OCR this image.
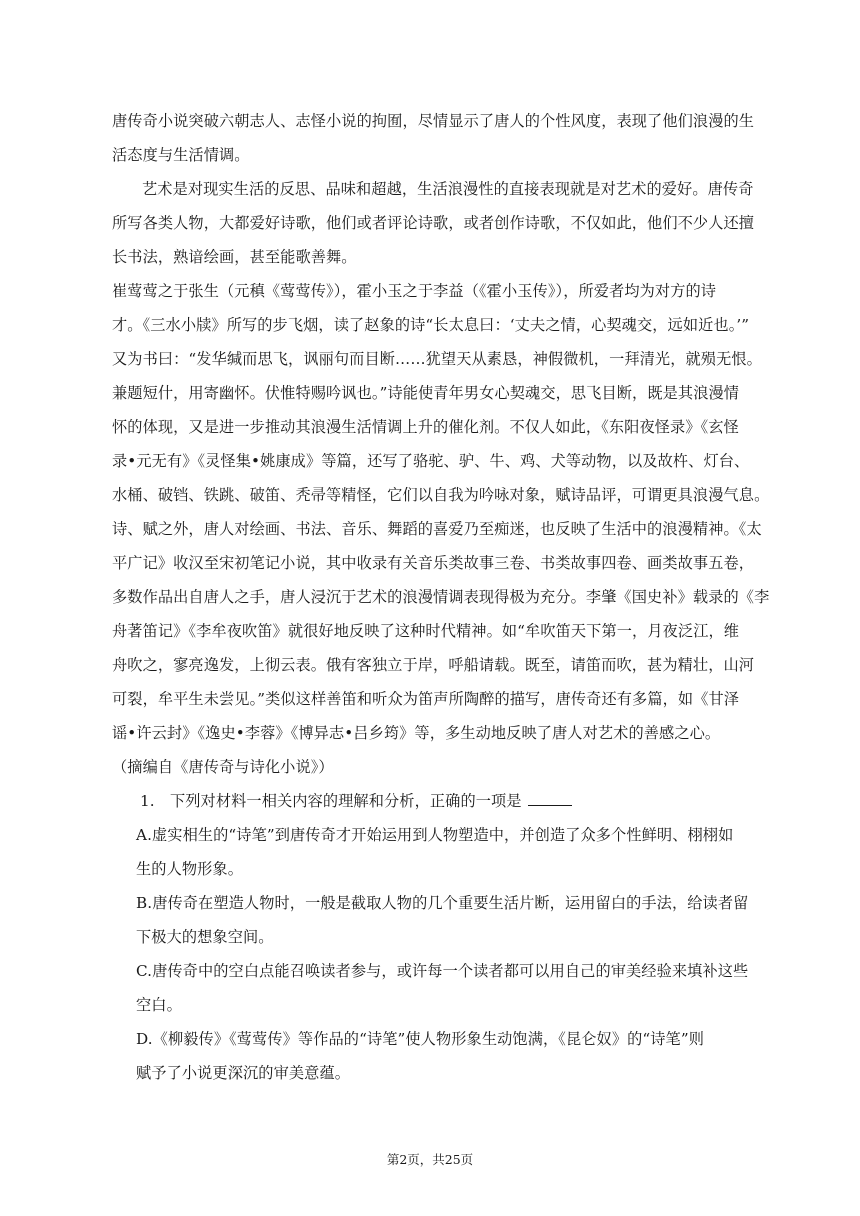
唐传奇小说突破六朝志人、志怪小说的拘囿，尽情显示了唐人的个性风度，表现了他们浪漫的生
活态度与生活情调。
艺术是对现实生活的反思、品味和超越，生活浪漫性的直接表现就是对艺术的爱好。唐传奇
所写各类人物，大都爱好诗歌，他们或者评论诗歌，或者创作诗歌，不仅如此，他们不少人还擅
长书法，熟谙绘画，甚至能歌善舞。
崔莺莺之于张生（元稹《莺莺传》），霍小玉之于李益（《霍小玉传》），所爱者均为对方的诗
才。《三水小牍》所写的步飞烟，读了赵象的诗“长太息曰：‘丈夫之情，心契魂交，远如近也。’”
又为书曰：“发华缄而思飞，讽丽句而目断……犹望天从素恳，神假微机，一拜清光，就殒无恨。
兼题短什，用寄幽怀。伏惟特赐吟讽也。”诗能使青年男女心契魂交，思飞目断，既是其浪漫情
怀的体现，又是进一步推动其浪漫生活情调上升的催化剂。不仅人如此，《东阳夜怪录》《玄怪
录•元无有》《灵怪集•姚康成》等篇，还写了骆驼、驴、牛、鸡、犬等动物，以及故杵、灯台、
水桶、破铛、铁跳、破笛、秃帚等精怪，它们以自我为吟咏对象，赋诗品评，可谓更具浪漫气息。
诗、赋之外，唐人对绘画、书法、音乐、舞蹈的喜爱乃至痴迷，也反映了生活中的浪漫精神。《太
平广记》收汉至宋初笔记小说，其中收录有关音乐类故事三卷、书类故事四卷、画类故事五卷，
多数作品出自唐人之手，唐人浸沉于艺术的浪漫情调表现得极为充分。李肇《国史补》载录的《李
舟著笛记》《李牟夜吹笛》就很好地反映了这种时代精神。如“牟吹笛天下第一，月夜泛江，维
舟吹之，寥亮逸发，上彻云表。俄有客独立于岸，呼船请载。既至，请笛而吹，甚为精壮，山河
可裂，牟平生未尝见。”类似这样善笛和听众为笛声所陶醉的描写，唐传奇还有多篇，如《甘泽
谣•许云封》《逸史•李蓉》《博异志•吕乡筠》等，多生动地反映了唐人对艺术的善感之心。
（摘编自《唐传奇与诗化小说》）
1.　下列对材料一相关内容的理解和分析，正确的一项是
A.虚实相生的“诗笔”到唐传奇才开始运用到人物塑造中，并创造了众多个性鲜明、栩栩如
生的人物形象。
B.唐传奇在塑造人物时，一般是截取人物的几个重要生活片断，运用留白的手法，给读者留
下极大的想象空间。
C.唐传奇中的空白点能召唤读者参与，或许每一个读者都可以用自己的审美经验来填补这些
空白。
D.《柳毅传》《莺莺传》等作品的“诗笔”使人物形象生动饱满，《昆仑奴》的“诗笔”则
赋予了小说更深沉的审美意蕴。
第2页，共25页
